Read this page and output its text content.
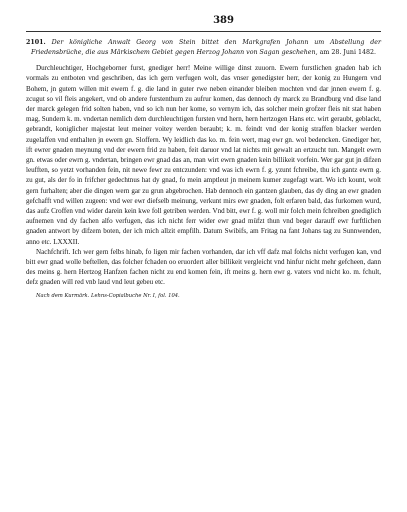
389
2101. Der königliche Anwalt Georg von Stein bittet den Markgrafen Johann um Abstellung der Friedensbrüche, die aus Märkischem Gebiet gegen Herzog Johann von Sagan geschehen, am 28. Juni 1482.

Durchleuchtiger, Hochgeborner furst, gnediger herr! Meine willige dinst zuuorn. Ewern furstlichen gnaden hab ich vormals zu entboten vnd geschriben, das ich gern verfugen wolt, das vnser genedigster herr, der konig zu Hungern vnd Bohem, jn gutem willen mit ewern f. g. die land in guter rwe neben einander bleiben mochten vnd dar jnnen ewern f. g. zcugut so vil fleis angekert, vnd ob andere furstenthum zu aufrur komen, das dennoch dy marck zu Brandburg vnd dise land der marck gelegen frid solten haben, vnd so ich nun her kome, so vernym ich, das solcher mein grofzer fleis nit stat haben mag, Sundern k. m. vndertan nemlich dem durchleuchtigen fursten vnd hern, hern hertzogen Hans etc. wirt geraubt, geblackt, gebrandt, koniglicher majestat leut meiner voitey werden beraubt; k. m. feindt vnd der konig straffen blacker werden zugelaffen vnd enthalten jn ewern gn. Sloffern. Wy leidlich das ko. m. fein wert, mag ewr gn. wol bedencken. Gnediger her, ift ewrer gnaden meynung vnd der ewern frid zu haben, feit daruor vnd lat nichts mit gewalt an ertzucht tun. Mangelt ewrn gn. etwas oder ewrn g. vndertan, bringen ewr gnad das an, man wirt ewrn gnaden kein billikeit vorfein. Wer gar gut jn difzen leufften, so yetzt vorhanden fein, nit newe fewr zu entczunden: vnd was ich ewrn f. g. yzunt fchreibe, thu ich gantz ewrn g. zu gut, als der fo in frifcher gedechtnus hat dy gnad, fo mein amptleut jn meinem kumer zugefagt wart. Wo ich kount, wolt gern furhalten; aber die dingen wern gar zu grun abgebrochen. Hab dennoch ein gantzen glauben, das dy ding an ewr gnaden gefchafft vnd willen zugeen: vnd wer ewr diefselb meinung, verkunt mirs ewr gnaden, folt erfaren bald, das furkomen wurd, das aufz Croffen vnd wider darein kein kwe foll getriben werden. Vnd bitt, ewr f. g. woll mir folch mein fchreiben gnediglich aufnemen vnd dy fachen alfo verfugen, das ich nicht ferr wider ewr gnad müfzt thun vnd beger darauff ewr furftlichen gnaden antwort by difzem boten, der ich mich allzit empfilh. Datum Swibifs, am Fritag na fant Johans tag zu Sunnwenden, anno etc. LXXXII.

Nachfchrift. Ich wer gern felbs hinab, fo ligen mir fachen vorhanden, dar ich vff dafz mal folchs nicht verfugen kan, vnd bitt ewr gnad wolle beftellen, das folcher fchaden oo eruordert aller billikeit vergleicht vnd hinfur nicht mehr gefcheen, dann des meins g. hern Hertzog Hanfzen fachen nicht zu end komen fein, ift meins g. hern ewr g. vaters vnd nicht ko. m. fchult, defz gnaden will red vnb laud vnd leut gebeu etc.

Nach dem Kurmärk. Lehns-Copialbuche Nr. I, fol. 104.
